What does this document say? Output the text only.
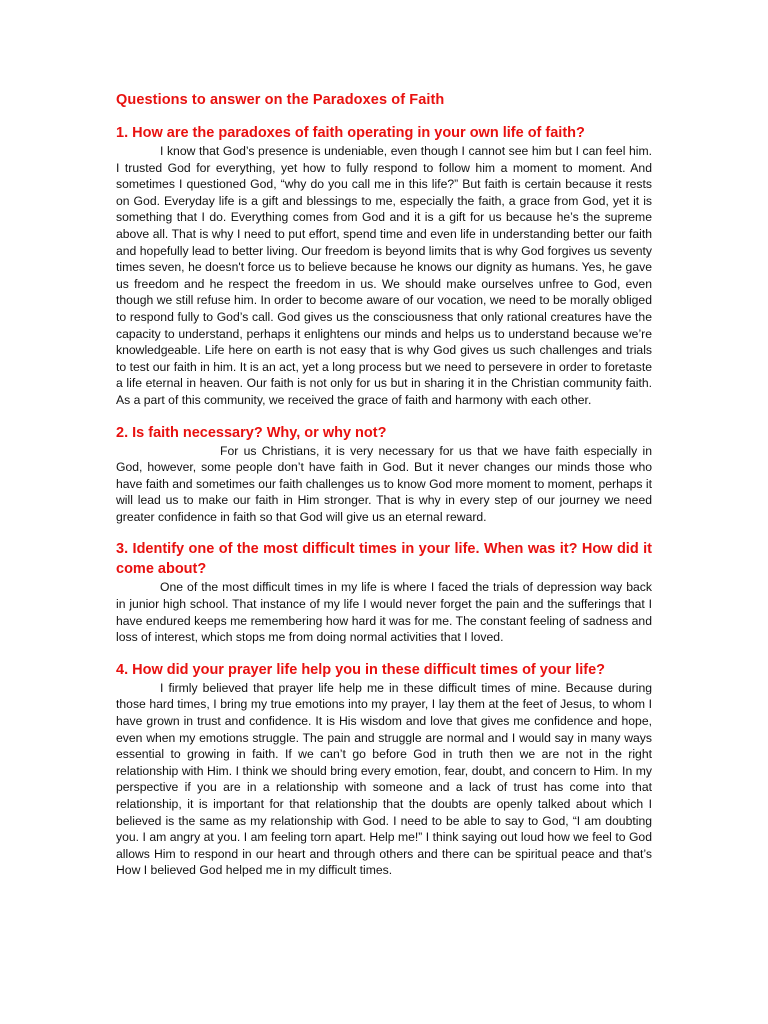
Questions to answer on the Paradoxes of Faith
1. How are the paradoxes of faith operating in your own life of faith?

I know that God’s presence is undeniable, even though I cannot see him but I can feel him. I trusted God for everything, yet how to fully respond to follow him a moment to moment. And sometimes I questioned God, “why do you call me in this life?” But faith is certain because it rests on God. Everyday life is a gift and blessings to me, especially the faith, a grace from God, yet it is something that I do. Everything comes from God and it is a gift for us because he’s the supreme above all. That is why I need to put effort, spend time and even life in understanding better our faith and hopefully lead to better living. Our freedom is beyond limits that is why God forgives us seventy times seven, he doesn't force us to believe because he knows our dignity as humans. Yes, he gave us freedom and he respect the freedom in us. We should make ourselves unfree to God, even though we still refuse him. In order to become aware of our vocation, we need to be morally obliged to respond fully to God’s call. God gives us the consciousness that only rational creatures have the capacity to understand, perhaps it enlightens our minds and helps us to understand because we’re knowledgeable. Life here on earth is not easy that is why God gives us such challenges and trials to test our faith in him. It is an act, yet a long process but we need to persevere in order to foretaste a life eternal in heaven. Our faith is not only for us but in sharing it in the Christian community faith. As a part of this community, we received the grace of faith and harmony with each other.

2. Is faith necessary? Why, or why not?

For us Christians, it is very necessary for us that we have faith especially in God, however, some people don’t have faith in God. But it never changes our minds those who have faith and sometimes our faith challenges us to know God more moment to moment, perhaps it will lead us to make our faith in Him stronger. That is why in every step of our journey we need greater confidence in faith so that God will give us an eternal reward.

3. Identify one of the most difficult times in your life. When was it? How did it come about?

One of the most difficult times in my life is where I faced the trials of depression way back in junior high school. That instance of my life I would never forget the pain and the sufferings that I have endured keeps me remembering how hard it was for me. The constant feeling of sadness and loss of interest, which stops me from doing normal activities that I loved.

4. How did your prayer life help you in these difficult times of your life?

I firmly believed that prayer life help me in these difficult times of mine. Because during those hard times, I bring my true emotions into my prayer, I lay them at the feet of Jesus, to whom I have grown in trust and confidence. It is His wisdom and love that gives me confidence and hope, even when my emotions struggle. The pain and struggle are normal and I would say in many ways essential to growing in faith. If we can’t go before God in truth then we are not in the right relationship with Him. I think we should bring every emotion, fear, doubt, and concern to Him. In my perspective if you are in a relationship with someone and a lack of trust has come into that relationship, it is important for that relationship that the doubts are openly talked about which I believed is the same as my relationship with God. I need to be able to say to God, “I am doubting you. I am angry at you. I am feeling torn apart. Help me!” I think saying out loud how we feel to God allows Him to respond in our heart and through others and there can be spiritual peace and that’s How I believed God helped me in my difficult times.
